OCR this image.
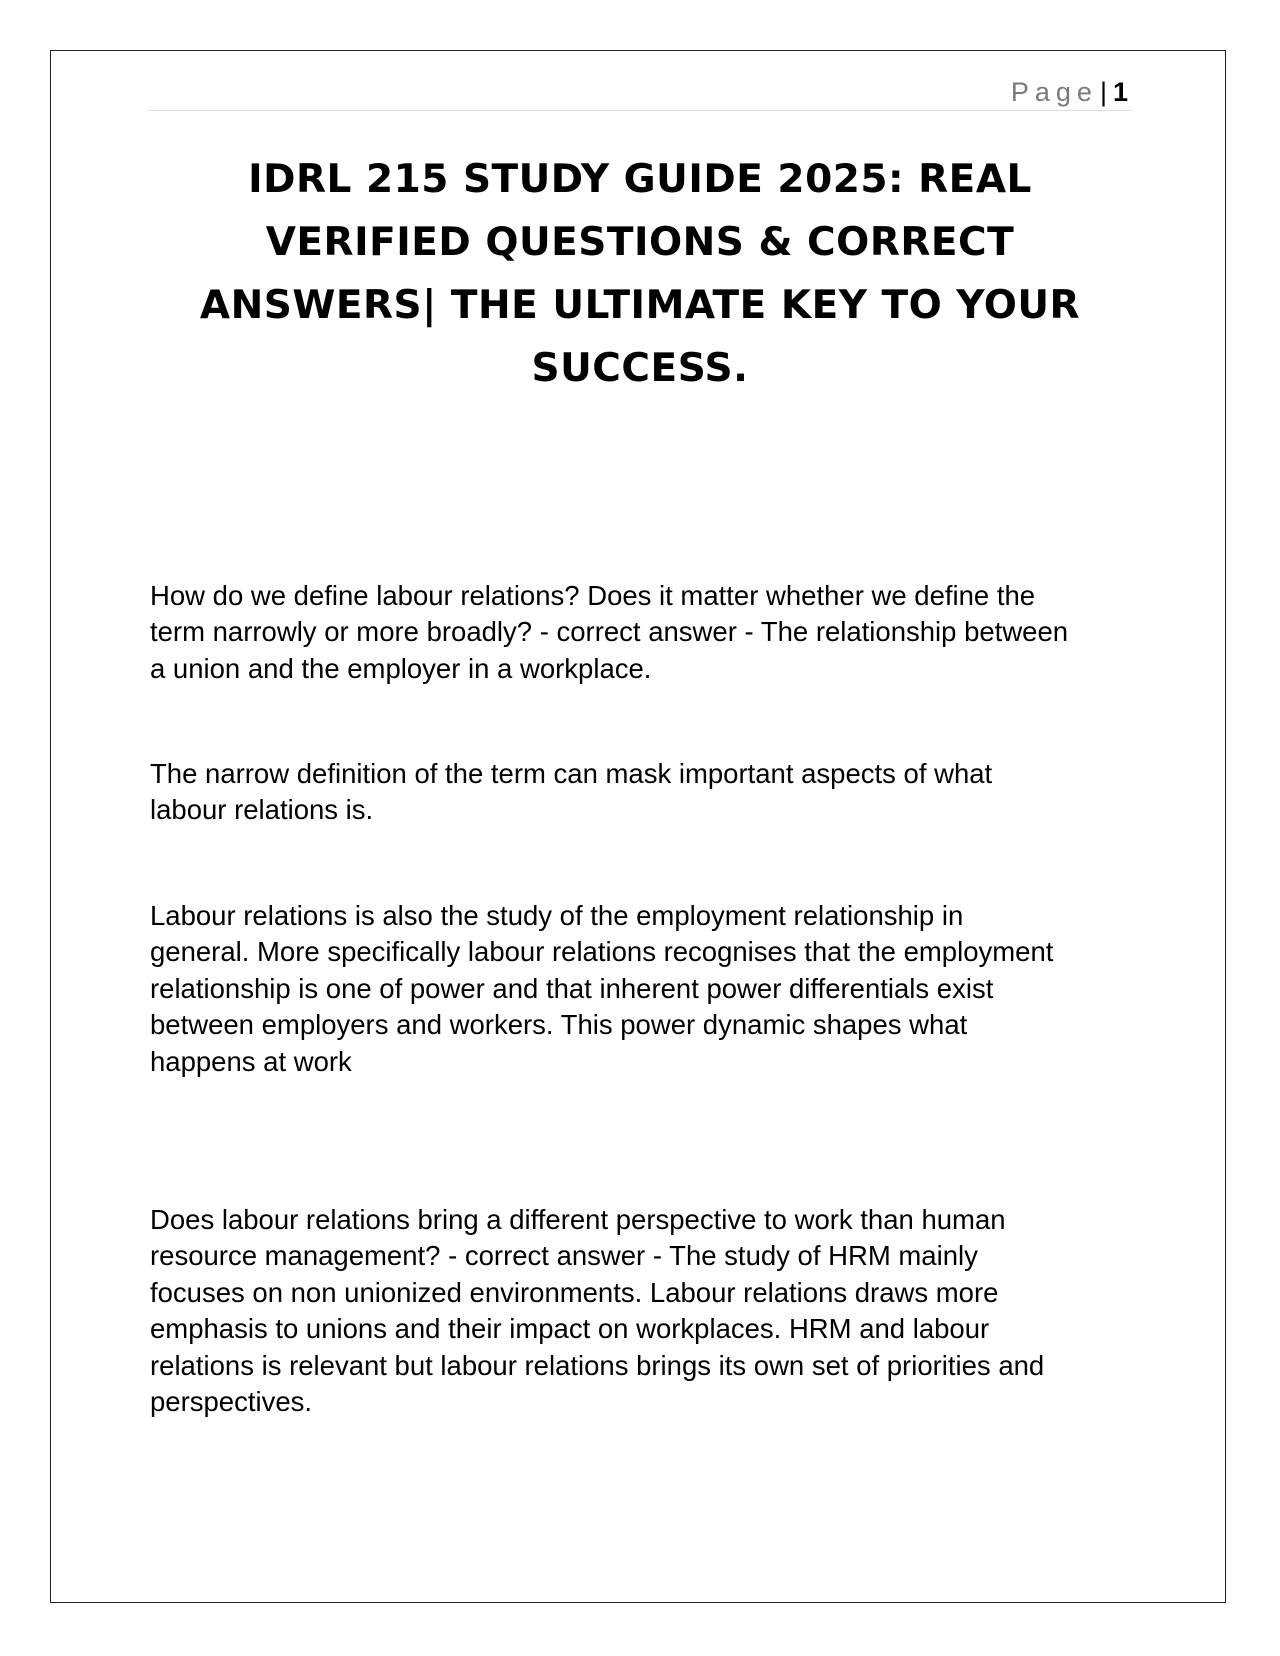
Page| 1
IDRL 215 STUDY GUIDE 2025: REAL
VERIFIED QUESTIONS & CORRECT
ANSWERS| THE ULTIMATE KEY TO YOUR
SUCCESS.

How do we define labour relations? Does it matter whether we define the
term narrowly or more broadly? - correct answer - The relationship between
a union and the employer in a workplace.

The narrow definition of the term can mask important aspects of what
labour relations is.

Labour relations is also the study of the employment relationship in
general. More specifically labour relations recognises that the employment
relationship is one of power and that inherent power differentials exist
between employers and workers. This power dynamic shapes what
happens at work

Does labour relations bring a different perspective to work than human
resource management? - correct answer - The study of HRM mainly
focuses on non unionized environments. Labour relations draws more
emphasis to unions and their impact on workplaces. HRM and labour
relations is relevant but labour relations brings its own set of priorities and
perspectives.
